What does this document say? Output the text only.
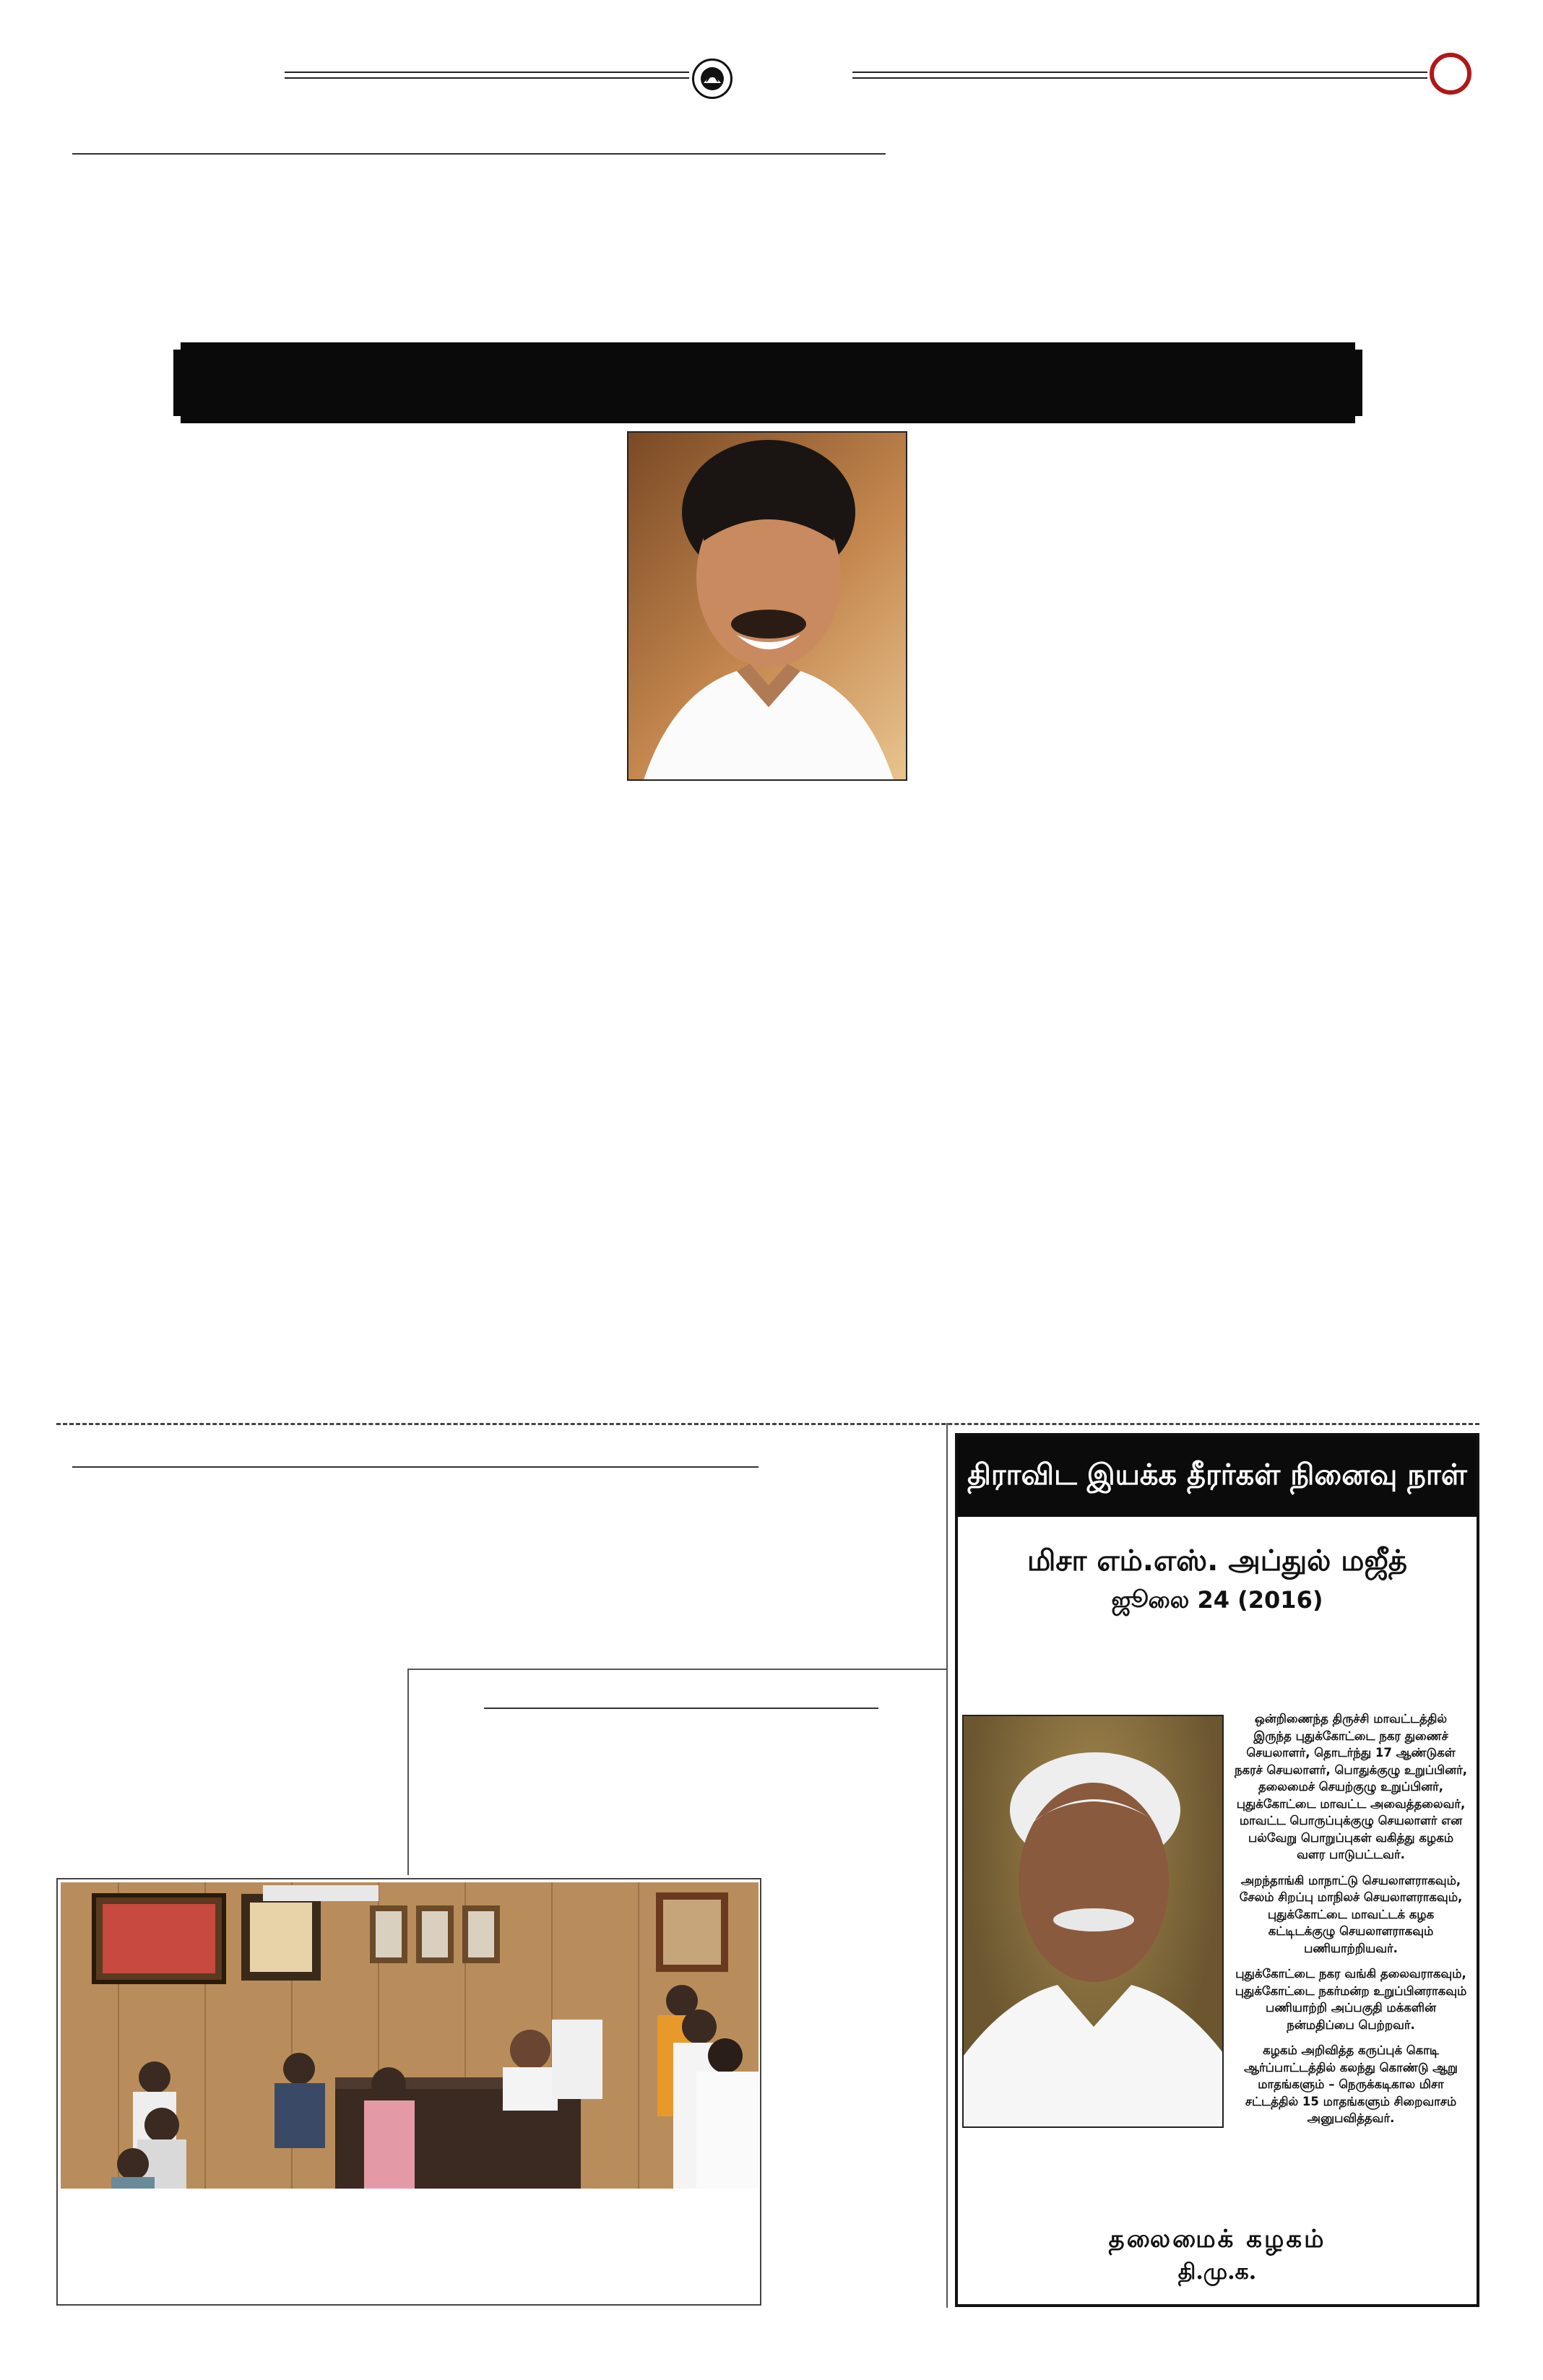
திராவிட இயக்க தீரர்கள் நினைவு நாள்
மிசா எம்.எஸ். அப்துல் மஜீத்
ஜூலை 24 (2016)

ஒன்றிணைந்த திருச்சி மாவட்டத்தில் இருந்த புதுக்கோட்டை நகர துணைச் செயலாளர், தொடர்ந்து 17 ஆண்டுகள் நகரச் செயலாளர், பொதுக்குழு உறுப்பினர், தலைமைச் செயற்குழு உறுப்பினர், புதுக்கோட்டை மாவட்ட அவைத்தலைவர், மாவட்ட பொருப்புக்குழு செயலாளர் என பல்வேறு பொறுப்புகள் வகித்து கழகம் வளர பாடுபட்டவர்.

அறந்தாங்கி மாநாட்டு செயலாளராகவும், சேலம் சிறப்பு மாநிலச் செயலாளராகவும், புதுக்கோட்டை மாவட்டக் கழக கட்டிடக்குழு செயலாளராகவும் பணியாற்றியவர்.

புதுக்கோட்டை நகர வங்கி தலைவராகவும், புதுக்கோட்டை நகர்மன்ற உறுப்பினராகவும் பணியாற்றி அப்பகுதி மக்களின் நன்மதிப்பை பெற்றவர்.

கழகம் அறிவித்த கருப்புக் கொடி ஆர்ப்பாட்டத்தில் கலந்து கொண்டு ஆறு மாதங்களும் – நெருக்கடிகால மிசா சட்டத்தில் 15 மாதங்களும் சிறைவாசம் அனுபவித்தவர்.

தலைமைக் கழகம்
தி.மு.க.
